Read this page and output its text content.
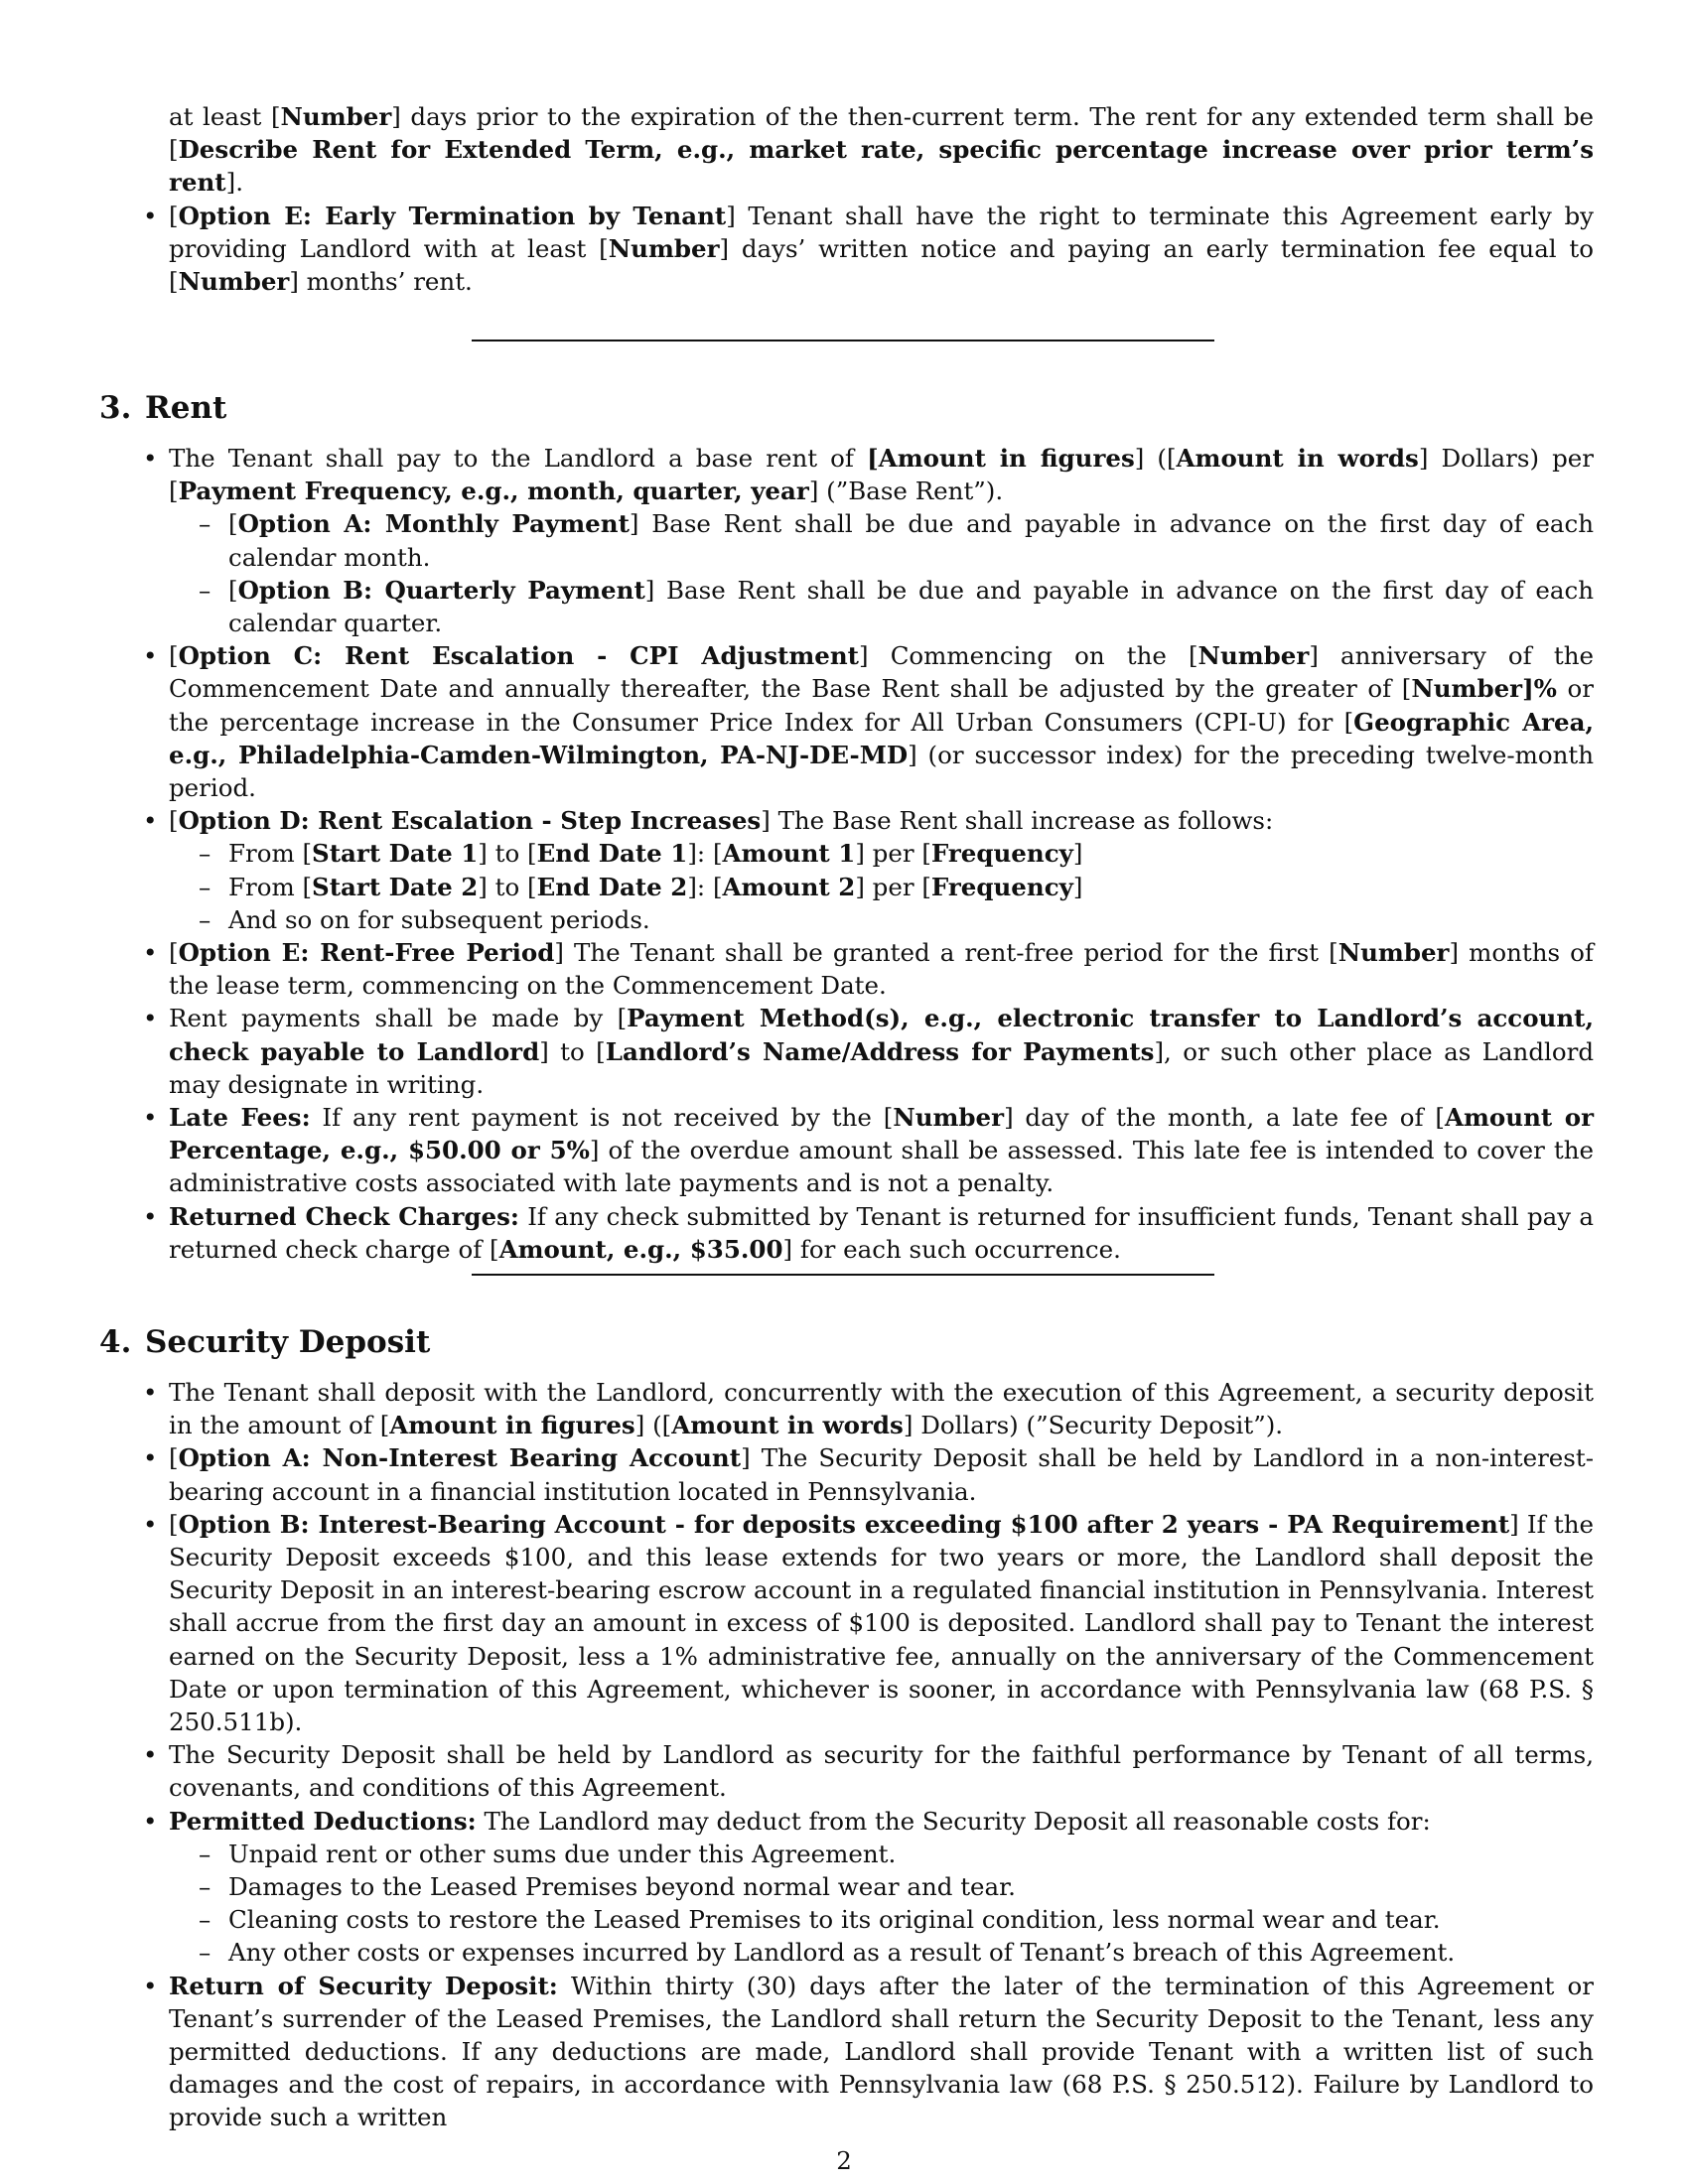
at least [Number] days prior to the expiration of the then-current term. The rent for any extended term shall be [Describe Rent for Extended Term, e.g., market rate, specific percentage increase over prior term’s rent].

• [Option E: Early Termination by Tenant] Tenant shall have the right to terminate this Agreement early by providing Landlord with at least [Number] days’ written notice and paying an early termination fee equal to [Number] months’ rent.
3. Rent
• The Tenant shall pay to the Landlord a base rent of [Amount in figures] ([Amount in words] Dollars) per [Payment Frequency, e.g., month, quarter, year] (”Base Rent”).
– [Option A: Monthly Payment] Base Rent shall be due and payable in advance on the first day of each calendar month.
– [Option B: Quarterly Payment] Base Rent shall be due and payable in advance on the first day of each calendar quarter.
• [Option C: Rent Escalation - CPI Adjustment] Commencing on the [Number] anniversary of the Commencement Date and annually thereafter, the Base Rent shall be adjusted by the greater of [Number]% or the percentage increase in the Consumer Price Index for All Urban Consumers (CPI-U) for [Geographic Area, e.g., Philadelphia-Camden-Wilmington, PA-NJ-DE-MD] (or successor index) for the preceding twelve-month period.
• [Option D: Rent Escalation - Step Increases] The Base Rent shall increase as follows:
– From [Start Date 1] to [End Date 1]: [Amount 1] per [Frequency]
– From [Start Date 2] to [End Date 2]: [Amount 2] per [Frequency]
– And so on for subsequent periods.
• [Option E: Rent-Free Period] The Tenant shall be granted a rent-free period for the first [Number] months of the lease term, commencing on the Commencement Date.
• Rent payments shall be made by [Payment Method(s), e.g., electronic transfer to Landlord’s account, check payable to Landlord] to [Landlord’s Name/Address for Payments], or such other place as Landlord may designate in writing.
• Late Fees: If any rent payment is not received by the [Number] day of the month, a late fee of [Amount or Percentage, e.g., $50.00 or 5%] of the overdue amount shall be assessed. This late fee is intended to cover the administrative costs associated with late payments and is not a penalty.
• Returned Check Charges: If any check submitted by Tenant is returned for insufficient funds, Tenant shall pay a returned check charge of [Amount, e.g., $35.00] for each such occurrence.
4. Security Deposit
• The Tenant shall deposit with the Landlord, concurrently with the execution of this Agreement, a security deposit in the amount of [Amount in figures] ([Amount in words] Dollars) (”Security Deposit”).
• [Option A: Non-Interest Bearing Account] The Security Deposit shall be held by Landlord in a non-interest-bearing account in a financial institution located in Pennsylvania.
• [Option B: Interest-Bearing Account - for deposits exceeding $100 after 2 years - PA Requirement] If the Security Deposit exceeds $100, and this lease extends for two years or more, the Landlord shall deposit the Security Deposit in an interest-bearing escrow account in a regulated financial institution in Pennsylvania. Interest shall accrue from the first day an amount in excess of $100 is deposited. Landlord shall pay to Tenant the interest earned on the Security Deposit, less a 1% administrative fee, annually on the anniversary of the Commencement Date or upon termination of this Agreement, whichever is sooner, in accordance with Pennsylvania law (68 P.S. § 250.511b).
• The Security Deposit shall be held by Landlord as security for the faithful performance by Tenant of all terms, covenants, and conditions of this Agreement.
• Permitted Deductions: The Landlord may deduct from the Security Deposit all reasonable costs for:
– Unpaid rent or other sums due under this Agreement.
– Damages to the Leased Premises beyond normal wear and tear.
– Cleaning costs to restore the Leased Premises to its original condition, less normal wear and tear.
– Any other costs or expenses incurred by Landlord as a result of Tenant’s breach of this Agreement.
• Return of Security Deposit: Within thirty (30) days after the later of the termination of this Agreement or Tenant’s surrender of the Leased Premises, the Landlord shall return the Security Deposit to the Tenant, less any permitted deductions. If any deductions are made, Landlord shall provide Tenant with a written list of such damages and the cost of repairs, in accordance with Pennsylvania law (68 P.S. § 250.512). Failure by Landlord to provide such a written
2
